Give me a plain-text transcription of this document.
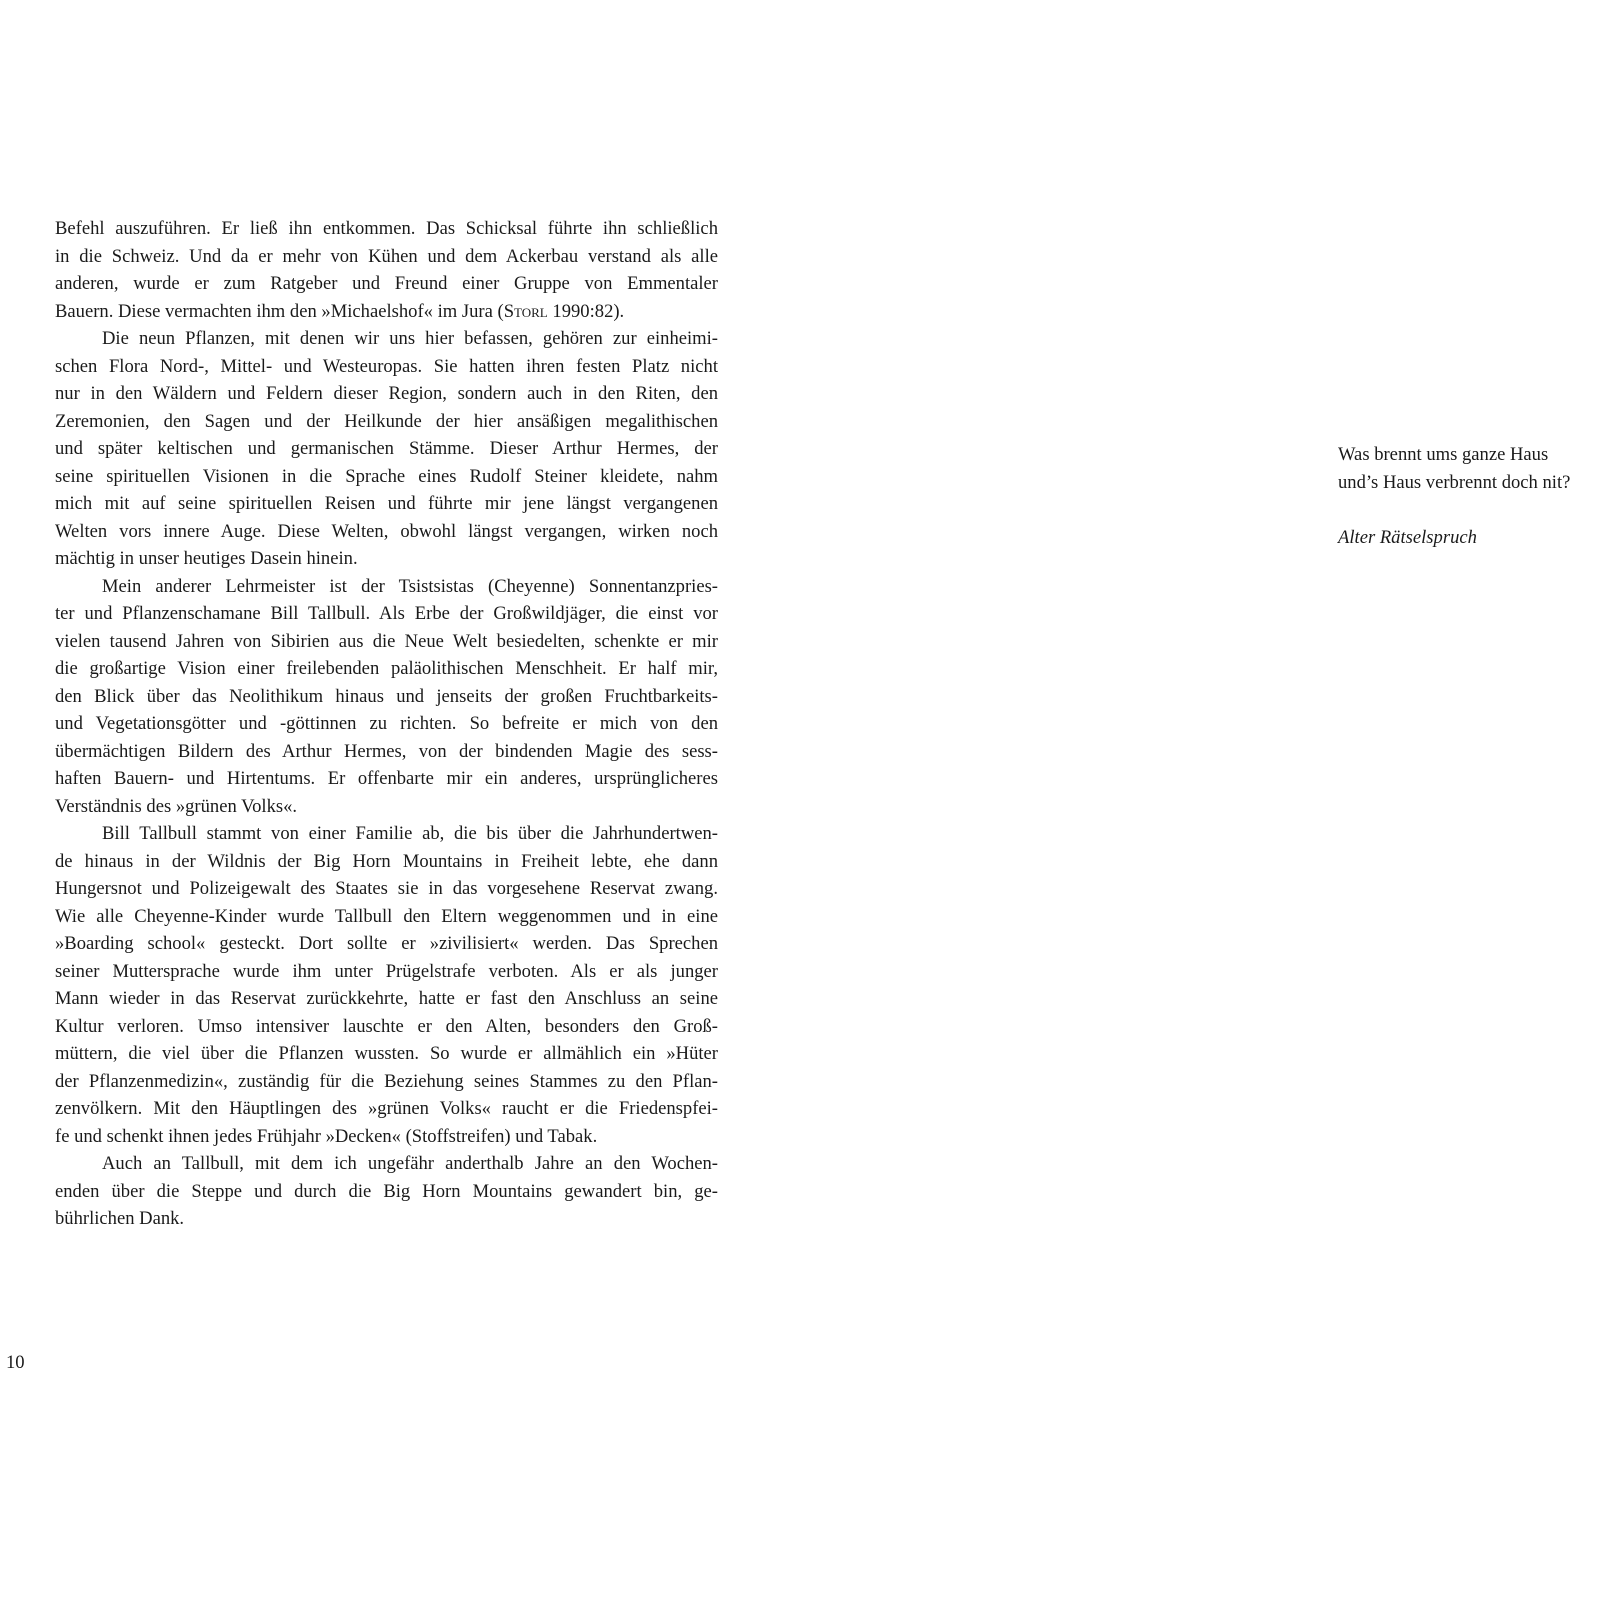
Befehl auszuführen. Er ließ ihn entkommen. Das Schicksal führte ihn schließlich
in die Schweiz. Und da er mehr von Kühen und dem Ackerbau verstand als alle
anderen, wurde er zum Ratgeber und Freund einer Gruppe von Emmentaler
Bauern. Diese vermachten ihm den »Michaelshof« im Jura (Storl 1990:82).
Die neun Pflanzen, mit denen wir uns hier befassen, gehören zur einheimi-
schen Flora Nord-, Mittel- und Westeuropas. Sie hatten ihren festen Platz nicht
nur in den Wäldern und Feldern dieser Region, sondern auch in den Riten, den
Zeremonien, den Sagen und der Heilkunde der hier ansäßigen megalithischen
und später keltischen und germanischen Stämme. Dieser Arthur Hermes, der
seine spirituellen Visionen in die Sprache eines Rudolf Steiner kleidete, nahm
mich mit auf seine spirituellen Reisen und führte mir jene längst vergangenen
Welten vors innere Auge. Diese Welten, obwohl längst vergangen, wirken noch
mächtig in unser heutiges Dasein hinein.
Mein anderer Lehrmeister ist der Tsistsistas (Cheyenne) Sonnentanzpries-
ter und Pflanzenschamane Bill Tallbull. Als Erbe der Großwildjäger, die einst vor
vielen tausend Jahren von Sibirien aus die Neue Welt besiedelten, schenkte er mir
die großartige Vision einer freilebenden paläolithischen Menschheit. Er half mir,
den Blick über das Neolithikum hinaus und jenseits der großen Fruchtbarkeits-
und Vegetationsgötter und -göttinnen zu richten. So befreite er mich von den
übermächtigen Bildern des Arthur Hermes, von der bindenden Magie des sess-
haften Bauern- und Hirtentums. Er offenbarte mir ein anderes, ursprünglicheres
Verständnis des »grünen Volks«.
Bill Tallbull stammt von einer Familie ab, die bis über die Jahrhundertwen-
de hinaus in der Wildnis der Big Horn Mountains in Freiheit lebte, ehe dann
Hungersnot und Polizeigewalt des Staates sie in das vorgesehene Reservat zwang.
Wie alle Cheyenne-Kinder wurde Tallbull den Eltern weggenommen und in eine
»Boarding school« gesteckt. Dort sollte er »zivilisiert« werden. Das Sprechen
seiner Muttersprache wurde ihm unter Prügelstrafe verboten. Als er als junger
Mann wieder in das Reservat zurückkehrte, hatte er fast den Anschluss an seine
Kultur verloren. Umso intensiver lauschte er den Alten, besonders den Groß-
müttern, die viel über die Pflanzen wussten. So wurde er allmählich ein »Hüter
der Pflanzenmedizin«, zuständig für die Beziehung seines Stammes zu den Pflan-
zenvölkern. Mit den Häuptlingen des »grünen Volks« raucht er die Friedenspfei-
fe und schenkt ihnen jedes Frühjahr »Decken« (Stoffstreifen) und Tabak.
Auch an Tallbull, mit dem ich ungefähr anderthalb Jahre an den Wochen-
enden über die Steppe und durch die Big Horn Mountains gewandert bin, ge-
bührlichen Dank.
Was brennt ums ganze Haus
und’s Haus verbrennt doch nit?
Alter Rätselspruch
10
